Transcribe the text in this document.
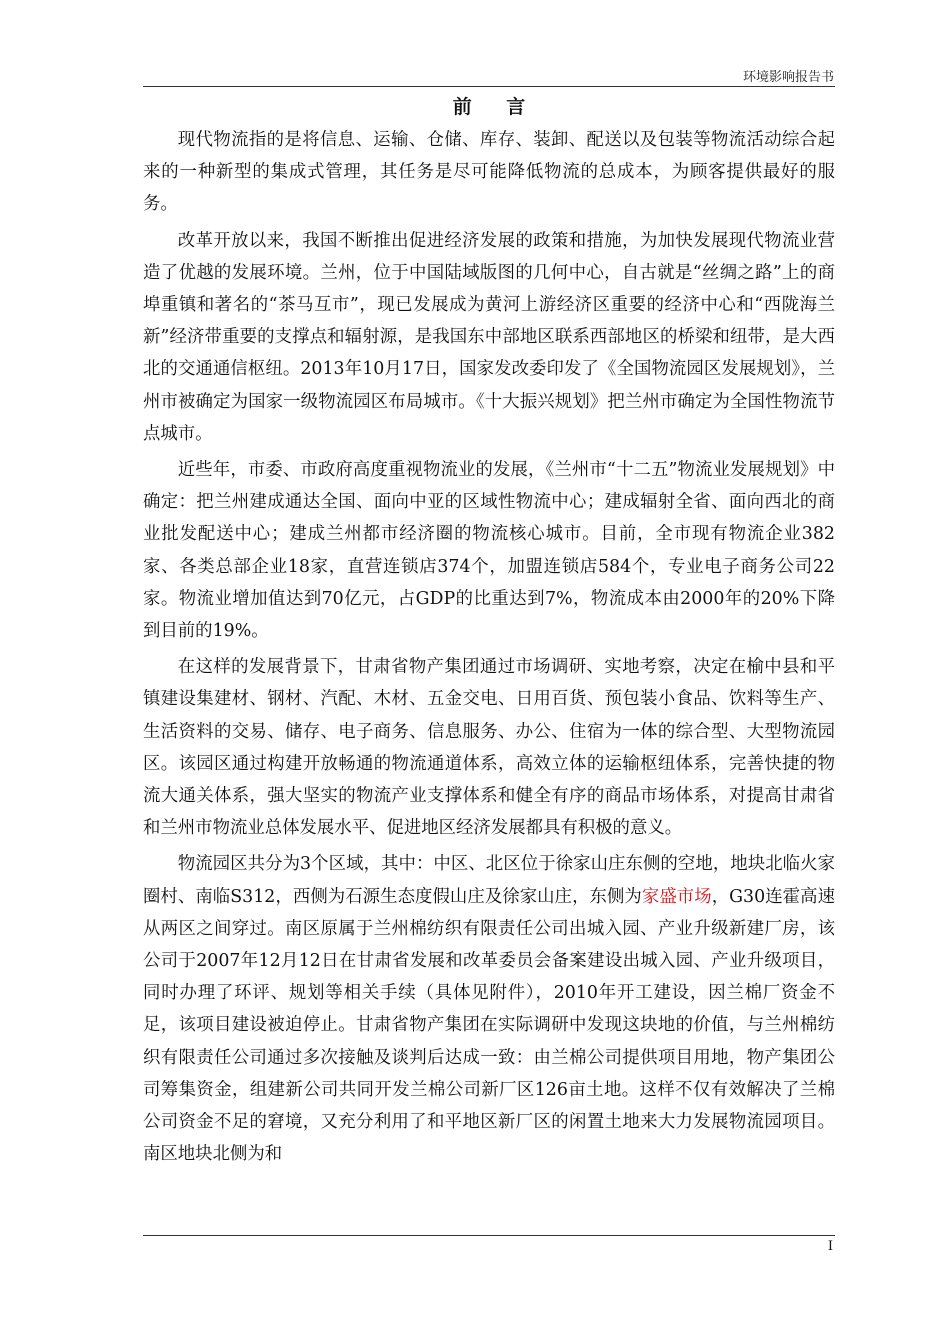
环境影响报告书
前 言

现代物流指的是将信息、运输、仓储、库存、装卸、配送以及包装等物流活动综合起来的一种新型的集成式管理，其任务是尽可能降低物流的总成本，为顾客提供最好的服务。

改革开放以来，我国不断推出促进经济发展的政策和措施，为加快发展现代物流业营造了优越的发展环境。兰州，位于中国陆域版图的几何中心，自古就是“丝绸之路”上的商埠重镇和著名的“茶马互市”，现已发展成为黄河上游经济区重要的经济中心和“西陇海兰新”经济带重要的支撑点和辐射源，是我国东中部地区联系西部地区的桥梁和纽带，是大西北的交通通信枢纽。2013年10月17日，国家发改委印发了《全国物流园区发展规划》，兰州市被确定为国家一级物流园区布局城市。《十大振兴规划》把兰州市确定为全国性物流节点城市。

近些年，市委、市政府高度重视物流业的发展，《兰州市“十二五”物流业发展规划》中确定：把兰州建成通达全国、面向中亚的区域性物流中心；建成辐射全省、面向西北的商业批发配送中心；建成兰州都市经济圈的物流核心城市。目前，全市现有物流企业382家、各类总部企业18家，直营连锁店374个，加盟连锁店584个，专业电子商务公司22家。物流业增加值达到70亿元，占GDP的比重达到7%，物流成本由2000年的20%下降到目前的19%。

在这样的发展背景下，甘肃省物产集团通过市场调研、实地考察，决定在榆中县和平镇建设集建材、钢材、汽配、木材、五金交电、日用百货、预包装小食品、饮料等生产、生活资料的交易、储存、电子商务、信息服务、办公、住宿为一体的综合型、大型物流园区。该园区通过构建开放畅通的物流通道体系，高效立体的运输枢纽体系，完善快捷的物流大通关体系，强大坚实的物流产业支撑体系和健全有序的商品市场体系，对提高甘肃省和兰州市物流业总体发展水平、促进地区经济发展都具有积极的意义。

物流园区共分为3个区域，其中：中区、北区位于徐家山庄东侧的空地，地块北临火家圈村、南临S312，西侧为石源生态度假山庄及徐家山庄，东侧为家盛市场，G30连霍高速从两区之间穿过。南区原属于兰州棉纺织有限责任公司出城入园、产业升级新建厂房，该公司于2007年12月12日在甘肃省发展和改革委员会备案建设出城入园、产业升级项目，同时办理了环评、规划等相关手续（具体见附件），2010年开工建设，因兰棉厂资金不足，该项目建设被迫停止。甘肃省物产集团在实际调研中发现这块地的价值，与兰州棉纺织有限责任公司通过多次接触及谈判后达成一致：由兰棉公司提供项目用地，物产集团公司筹集资金，组建新公司共同开发兰棉公司新厂区126亩土地。这样不仅有效解决了兰棉公司资金不足的窘境，又充分利用了和平地区新厂区的闲置土地来大力发展物流园项目。南区地块北侧为和

I
